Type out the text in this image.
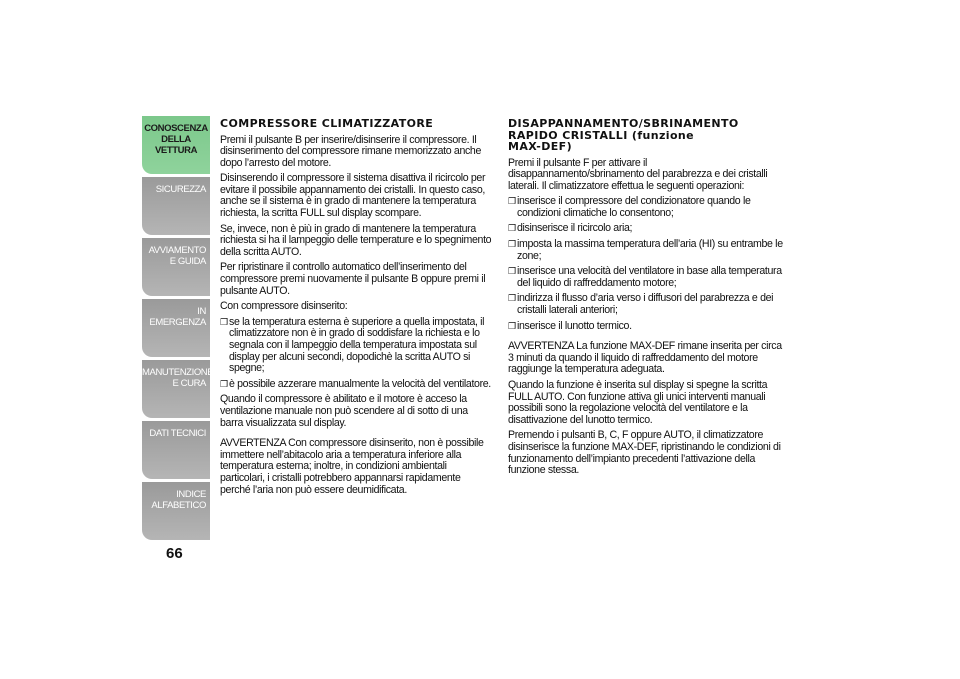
CONOSCENZA DELLA VETTURA
SICUREZZA
AVVIAMENTO E GUIDA
IN EMERGENZA
MANUTENZIONE E CURA
DATI TECNICI
INDICE ALFABETICO
66
COMPRESSORE CLIMATIZZATORE

Premi il pulsante B per inserire/disinserire il compressore. Il disinserimento del compressore rimane memorizzato anche dopo l’arresto del motore.

Disinserendo il compressore il sistema disattiva il ricircolo per evitare il possibile appannamento dei cristalli. In questo caso, anche se il sistema è in grado di mantenere la temperatura richiesta, la scritta FULL sul display scompare.

Se, invece, non è più in grado di mantenere la temperatura richiesta si ha il lampeggio delle temperature e lo spegnimento della scritta AUTO.

Per ripristinare il controllo automatico dell’inserimento del compressore premi nuovamente il pulsante B oppure premi il pulsante AUTO.

Con compressore disinserito:

❒ se la temperatura esterna è superiore a quella impostata, il climatizzatore non è in grado di soddisfare la richiesta e lo segnala con il lampeggio della temperatura impostata sul display per alcuni secondi, dopodichè la scritta AUTO si spegne;
❒ è possibile azzerare manualmente la velocità del ventilatore.

Quando il compressore è abilitato e il motore è acceso la ventilazione manuale non può scendere al di sotto di una barra visualizzata sul display.

AVVERTENZA Con compressore disinserito, non è possibile immettere nell’abitacolo aria a temperatura inferiore alla temperatura esterna; inoltre, in condizioni ambientali particolari, i cristalli potrebbero appannarsi rapidamente perché l’aria non può essere deumidificata.

DISAPPANNAMENTO/SBRINAMENTO
RAPIDO CRISTALLI (funzione
MAX-DEF)

Premi il pulsante F per attivare il disappannamento/sbrinamento del parabrezza e dei cristalli laterali. Il climatizzatore effettua le seguenti operazioni:

❒ inserisce il compressore del condizionatore quando le condizioni climatiche lo consentono;
❒ disinserisce il ricircolo aria;
❒ imposta la massima temperatura dell’aria (HI) su entrambe le zone;
❒ inserisce una velocità del ventilatore in base alla temperatura del liquido di raffreddamento motore;
❒ indirizza il flusso d’aria verso i diffusori del parabrezza e dei cristalli laterali anteriori;
❒ inserisce il lunotto termico.

AVVERTENZA La funzione MAX-DEF rimane inserita per circa 3 minuti da quando il liquido di raffreddamento del motore raggiunge la temperatura adeguata.

Quando la funzione è inserita sul display si spegne la scritta FULL AUTO. Con funzione attiva gli unici interventi manuali possibili sono la regolazione velocità del ventilatore e la disattivazione del lunotto termico.

Premendo i pulsanti B, C, F oppure AUTO, il climatizzatore disinserisce la funzione MAX-DEF, ripristinando le condizioni di funzionamento dell’impianto precedenti l’attivazione della funzione stessa.
